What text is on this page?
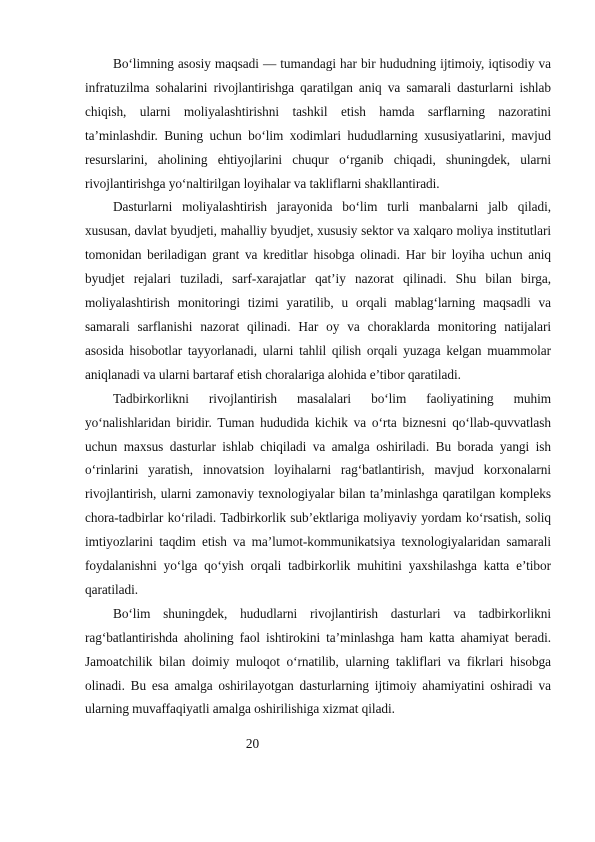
Bo‘limning asosiy maqsadi — tumandagi har bir hududning ijtimoiy, iqtisodiy va infratuzilma sohalarini rivojlantirishga qaratilgan aniq va samarali dasturlarni ishlab chiqish, ularni moliyalashtirishni tashkil etish hamda sarflarning nazoratini ta’minlashdir. Buning uchun bo‘lim xodimlari hududlarning xususiyatlarini, mavjud resurslarini, aholining ehtiyojlarini chuqur o‘rganib chiqadi, shuningdek, ularni rivojlantirishga yo‘naltirilgan loyihalar va takliflarni shakllantiradi.

Dasturlarni moliyalashtirish jarayonida bo‘lim turli manbalarni jalb qiladi, xususan, davlat byudjeti, mahalliy byudjet, xususiy sektor va xalqaro moliya institutlari tomonidan beriladigan grant va kreditlar hisobga olinadi. Har bir loyiha uchun aniq byudjet rejalari tuziladi, sarf-xarajatlar qat’iy nazorat qilinadi. Shu bilan birga, moliyalashtirish monitoringi tizimi yaratilib, u orqali mablag‘larning maqsadli va samarali sarflanishi nazorat qilinadi. Har oy va choraklarda monitoring natijalari asosida hisobotlar tayyorlanadi, ularni tahlil qilish orqali yuzaga kelgan muammolar aniqlanadi va ularni bartaraf etish choralariga alohida e’tibor qaratiladi.

Tadbirkorlikni rivojlantirish masalalari bo‘lim faoliyatining muhim yo‘nalishlaridan biridir. Tuman hududida kichik va o‘rta biznesni qo‘llab-quvvatlash uchun maxsus dasturlar ishlab chiqiladi va amalga oshiriladi. Bu borada yangi ish o‘rinlarini yaratish, innovatsion loyihalarni rag‘batlantirish, mavjud korxonalarni rivojlantirish, ularni zamonaviy texnologiyalar bilan ta’minlashga qaratilgan kompleks chora-tadbirlar ko‘riladi. Tadbirkorlik sub’ektlariga moliyaviy yordam ko‘rsatish, soliq imtiyozlarini taqdim etish va ma’lumot-kommunikatsiya texnologiyalaridan samarali foydalanishni yo‘lga qo‘yish orqali tadbirkorlik muhitini yaxshilashga katta e’tibor qaratiladi.

Bo‘lim shuningdek, hududlarni rivojlantirish dasturlari va tadbirkorlikni rag‘batlantirishda aholining faol ishtirokini ta’minlashga ham katta ahamiyat beradi. Jamoatchilik bilan doimiy muloqot o‘rnatilib, ularning takliflari va fikrlari hisobga olinadi. Bu esa amalga oshirilayotgan dasturlarning ijtimoiy ahamiyatini oshiradi va ularning muvaffaqiyatli amalga oshirilishiga xizmat qiladi.

20
